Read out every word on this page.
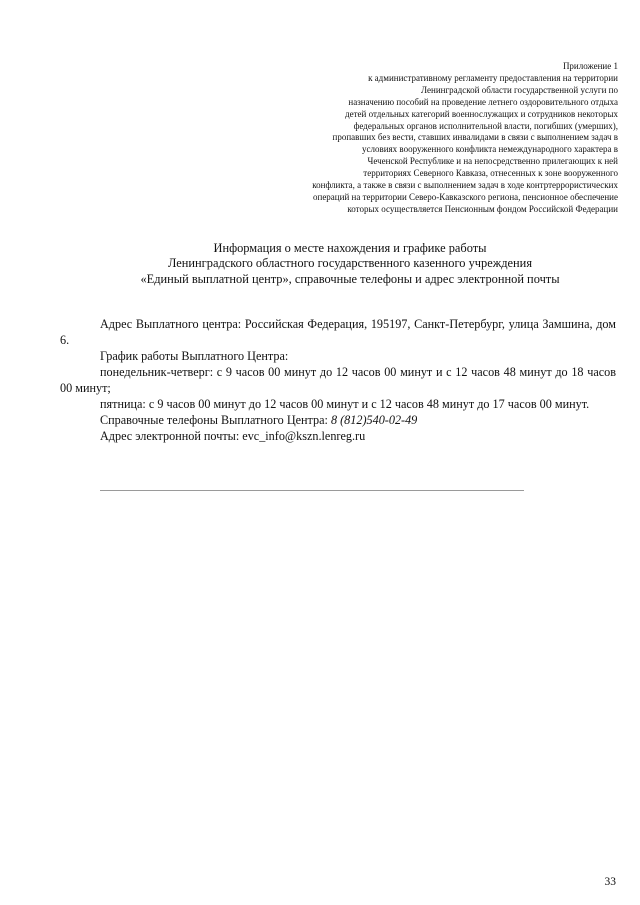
Приложение 1
к административному регламенту предоставления на территории
Ленинградской области государственной услуги по
назначению пособий на проведение летнего оздоровительного отдыха
детей отдельных категорий военнослужащих и сотрудников некоторых
федеральных органов исполнительной власти, погибших (умерших),
пропавших без вести, ставших инвалидами в связи с выполнением задач в
условиях вооруженного конфликта немеждународного характера в
Чеченской Республике и на непосредственно прилегающих к ней
территориях Северного Кавказа, отнесенных к зоне вооруженного
конфликта, а также в связи с выполнением задач в ходе контртеррористических
операций на территории Северо-Кавказского региона, пенсионное обеспечение
которых осуществляется Пенсионным фондом Российской Федерации
Информация о месте нахождения и графике работы
Ленинградского областного государственного казенного учреждения
«Единый выплатной центр», справочные телефоны и адрес электронной почты

Адрес Выплатного центра: Российская Федерация, 195197, Санкт-Петербург, улица Замшина, дом 6.

График работы Выплатного Центра:

понедельник-четверг: с 9 часов 00 минут до 12 часов 00 минут и с 12 часов 48 минут до 18 часов 00 минут;

пятница: с 9 часов 00 минут до 12 часов 00 минут и с 12 часов 48 минут до 17 часов 00 минут.

Справочные телефоны Выплатного Центра: 8 (812)540-02-49

Адрес электронной почты: evc_info@kszn.lenreg.ru

33
